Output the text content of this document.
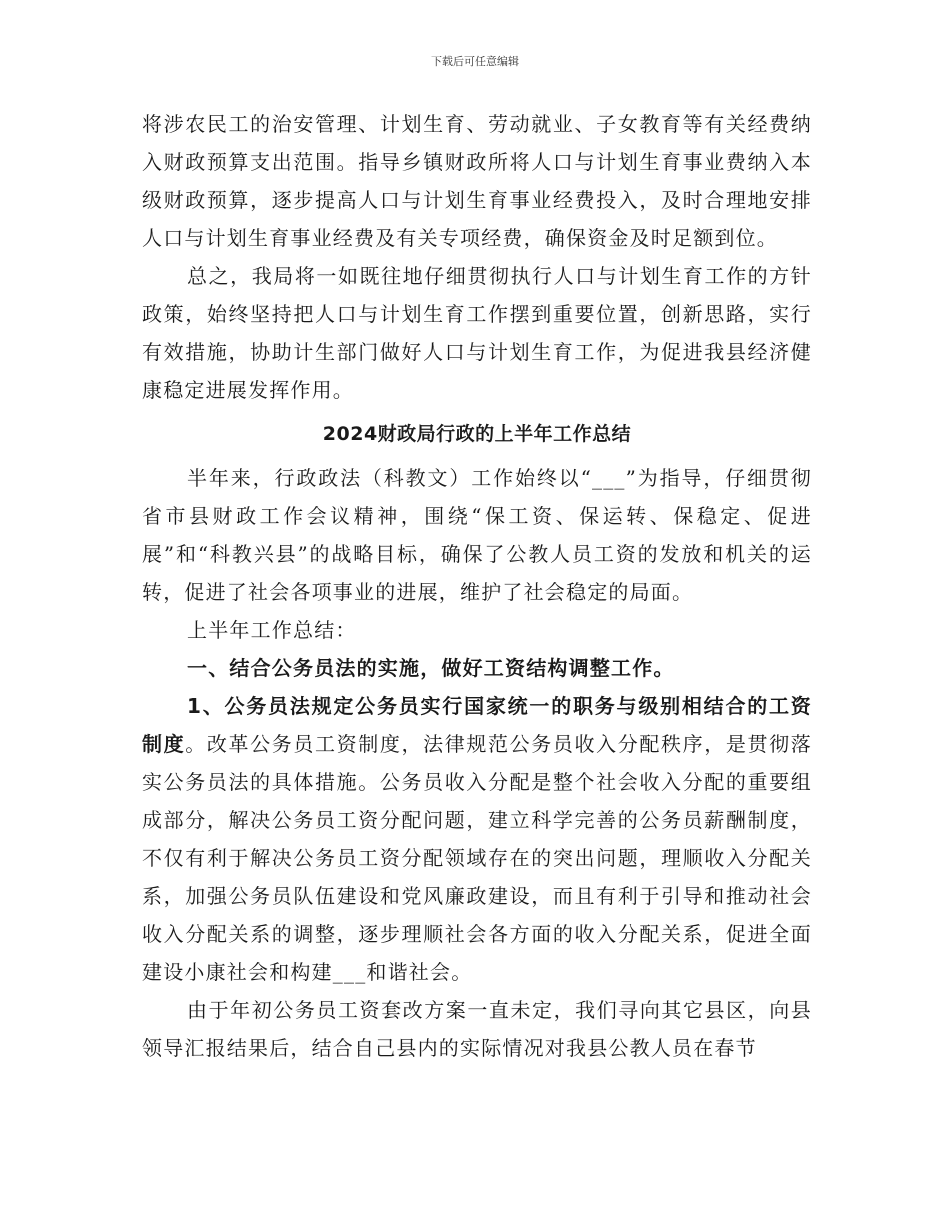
下载后可任意编辑

将涉农民工的治安管理、计划生育、劳动就业、子女教育等有关经费纳入财政预算支出范围。指导乡镇财政所将人口与计划生育事业费纳入本级财政预算，逐步提高人口与计划生育事业经费投入，及时合理地安排人口与计划生育事业经费及有关专项经费，确保资金及时足额到位。

总之，我局将一如既往地仔细贯彻执行人口与计划生育工作的方针政策，始终坚持把人口与计划生育工作摆到重要位置，创新思路，实行有效措施，协助计生部门做好人口与计划生育工作，为促进我县经济健康稳定进展发挥作用。

2024财政局行政的上半年工作总结

半年来，行政政法（科教文）工作始终以“___”为指导，仔细贯彻省市县财政工作会议精神，围绕“保工资、保运转、保稳定、促进展”和“科教兴县”的战略目标，确保了公教人员工资的发放和机关的运转，促进了社会各项事业的进展，维护了社会稳定的局面。

上半年工作总结：

一、结合公务员法的实施，做好工资结构调整工作。

1、公务员法规定公务员实行国家统一的职务与级别相结合的工资制度。改革公务员工资制度，法律规范公务员收入分配秩序，是贯彻落实公务员法的具体措施。公务员收入分配是整个社会收入分配的重要组成部分，解决公务员工资分配问题，建立科学完善的公务员薪酬制度，不仅有利于解决公务员工资分配领域存在的突出问题，理顺收入分配关系，加强公务员队伍建设和党风廉政建设，而且有利于引导和推动社会收入分配关系的调整，逐步理顺社会各方面的收入分配关系，促进全面建设小康社会和构建___和谐社会。

由于年初公务员工资套改方案一直未定，我们寻向其它县区，向县领导汇报结果后，结合自己县内的实际情况对我县公教人员在春节
